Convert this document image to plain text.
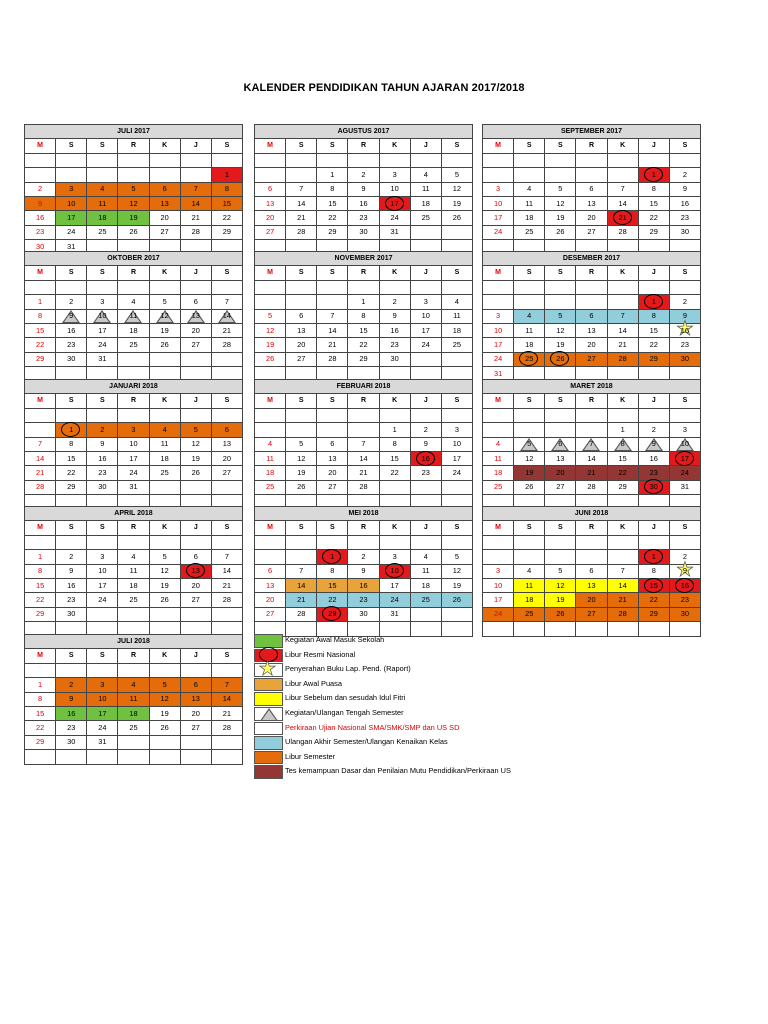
KALENDER PENDIDIKAN TAHUN AJARAN 2017/2018
JULI 2017						
M	S	S	R	K	J	S

						1
2	3	4	5	6	7	8
9	10	11	12	13	14	15
16	17	18	19	20	21	22
23	24	25	26	27	28	29
30	31					
AGUSTUS 2017						
M	S	S	R	K	J	S

		1	2	3	4	5
6	7	8	9	10	11	12
13	14	15	16	17	18	19
20	21	22	23	24	25	26
27	28	29	30	31		

SEPTEMBER 2017						
M	S	S	R	K	J	S

					1	2
3	4	5	6	7	8	9
10	11	12	13	14	15	16
17	18	19	20	21	22	23
24	25	26	27	28	29	30

OKTOBER 2017						
M	S	S	R	K	J	S

1	2	3	4	5	6	7
8	9	10	11	12	13	14
15	16	17	18	19	20	21
22	23	24	25	26	27	28
29	30	31				

NOVEMBER 2017						
M	S	S	R	K	J	S

			1	2	3	4
5	6	7	8	9	10	11
12	13	14	15	16	17	18
19	20	21	22	23	24	25
26	27	28	29	30		

DESEMBER 2017						
M	S	S	R	K	J	S

					1	2
3	4	5	6	7	8	9
10	11	12	13	14	15	16 ★
17	18	19	20	21	22	23
24	25	26	27	28	29	30
31						
JANUARI 2018						
M	S	S	R	K	J	S

	1	2	3	4	5	6
7	8	9	10	11	12	13
14	15	16	17	18	19	20
21	22	23	24	25	26	27
28	29	30	31			

FEBRUARI 2018						
M	S	S	R	K	J	S

				1	2	3
4	5	6	7	8	9	10
11	12	13	14	15	16	17
18	19	20	21	22	23	24
25	26	27	28			

MARET 2018						
M	S	S	R	K	J	S

				1	2	3
4	5	6	7	8	9	10
11	12	13	14	15	16	17
18	19	20	21	22	23	24
25	26	27	28	29	30	31

APRIL 2018						
M	S	S	R	K	J	S

1	2	3	4	5	6	7
8	9	10	11	12	13	14
15	16	17	18	19	20	21
22	23	24	25	26	27	28
29	30					

MEI 2018						
M	S	S	R	K	J	S

		1	2	3	4	5
6	7	8	9	10	11	12
13	14	15	16	17	18	19
20	21	22	23	24	25	26
27	28	29	30	31		

JUNI 2018						
M	S	S	R	K	J	S

					1	2
3	4	5	6	7	8	9 ★
10	11	12	13	14	15	16
17	18	19	20	21	22	23
24	25	26	27	28	29	30

JULI 2018						
M	S	S	R	K	J	S

1	2	3	4	5	6	7
8	9	10	11	12	13	14
15	16	17	18	19	20	21
22	23	24	25	26	27	28
29	30	31				

Kegiatan Awal Masuk Sekolah
Libur Resmi Nasional
★
Penyerahan Buku Lap. Pend. (Raport)
Libur Awal Puasa
Libur Sebelum dan sesudah Idul Fitri
Kegiatan/Ulangan Tengah Semester
Perkiraan Ujian Nasional SMA/SMK/SMP dan US SD
Ulangan Akhir Semester/Ulangan Kenaikan Kelas
Libur Semester
Tes kemampuan Dasar dan Penilaian Mutu Pendidikan/Perkiraan US
